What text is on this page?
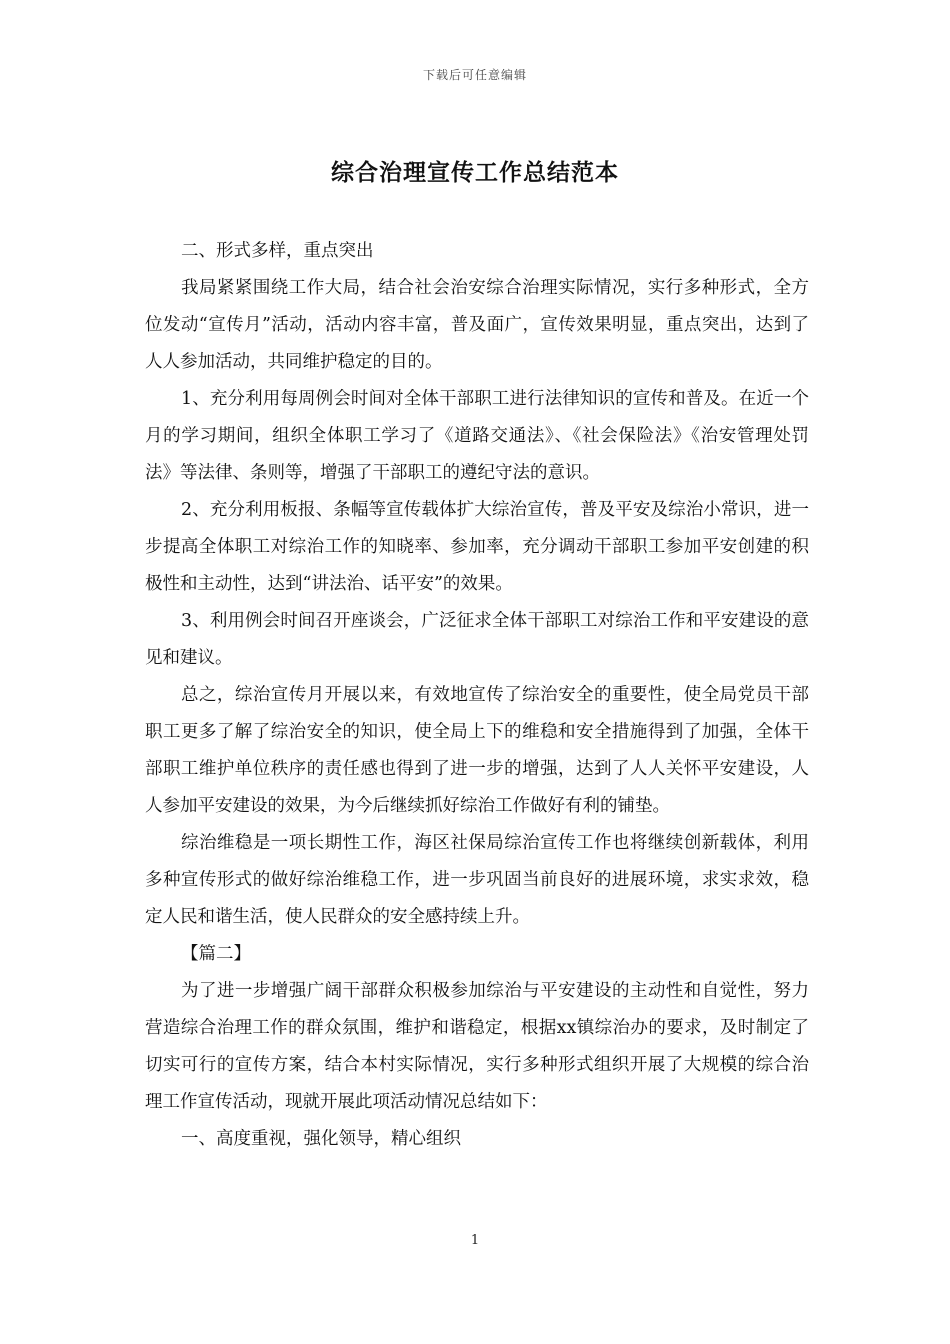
下载后可任意编辑
综合治理宣传工作总结范本

二、形式多样，重点突出

我局紧紧围绕工作大局，结合社会治安综合治理实际情况，实行多种形式，全方位发动“宣传月”活动，活动内容丰富，普及面广，宣传效果明显，重点突出，达到了人人参加活动，共同维护稳定的目的。

1、充分利用每周例会时间对全体干部职工进行法律知识的宣传和普及。在近一个月的学习期间，组织全体职工学习了《道路交通法》、《社会保险法》《治安管理处罚法》等法律、条则等，增强了干部职工的遵纪守法的意识。

2、充分利用板报、条幅等宣传载体扩大综治宣传，普及平安及综治小常识，进一步提高全体职工对综治工作的知晓率、参加率，充分调动干部职工参加平安创建的积极性和主动性，达到“讲法治、话平安”的效果。

3、利用例会时间召开座谈会，广泛征求全体干部职工对综治工作和平安建设的意见和建议。

总之，综治宣传月开展以来，有效地宣传了综治安全的重要性，使全局党员干部职工更多了解了综治安全的知识，使全局上下的维稳和安全措施得到了加强，全体干部职工维护单位秩序的责任感也得到了进一步的增强，达到了人人关怀平安建设，人人参加平安建设的效果，为今后继续抓好综治工作做好有利的铺垫。

综治维稳是一项长期性工作，海区社保局综治宣传工作也将继续创新载体，利用多种宣传形式的做好综治维稳工作，进一步巩固当前良好的进展环境，求实求效，稳定人民和谐生活，使人民群众的安全感持续上升。

【篇二】

为了进一步增强广阔干部群众积极参加综治与平安建设的主动性和自觉性，努力营造综合治理工作的群众氛围，维护和谐稳定，根据xx镇综治办的要求，及时制定了切实可行的宣传方案，结合本村实际情况，实行多种形式组织开展了大规模的综合治理工作宣传活动，现就开展此项活动情况总结如下：

一、高度重视，强化领导，精心组织

1
